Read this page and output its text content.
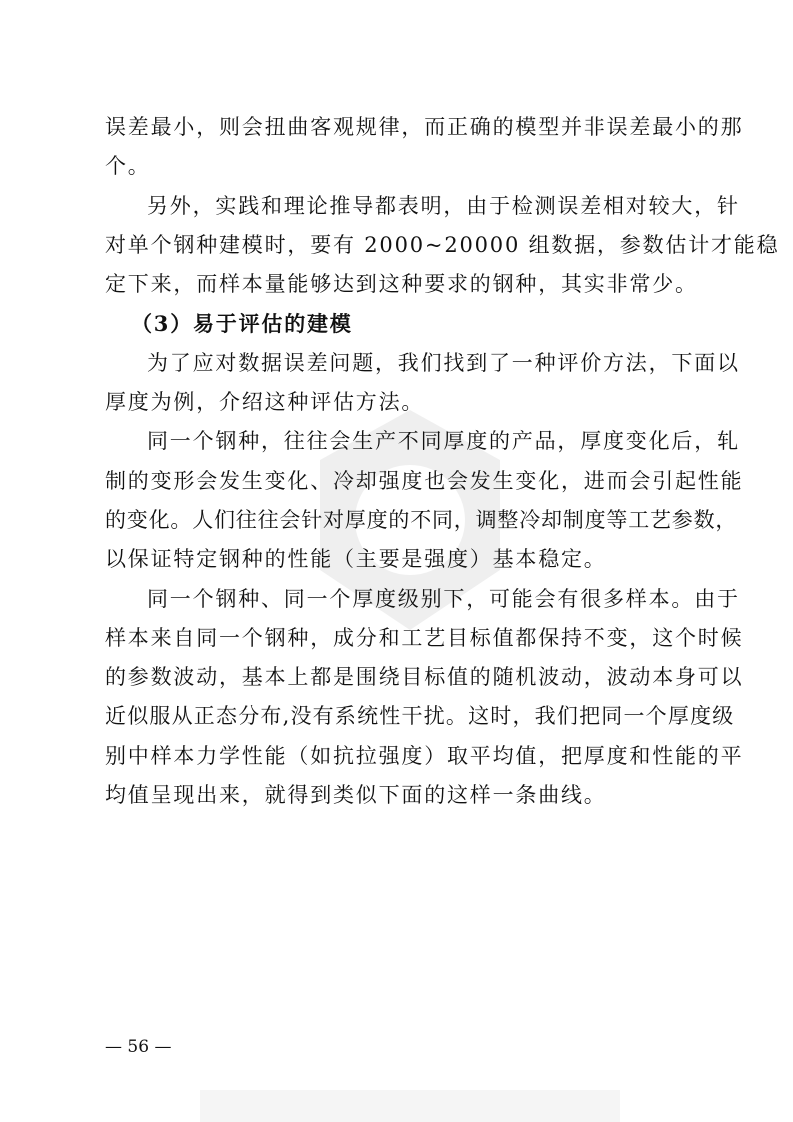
误差最小，则会扭曲客观规律，而正确的模型并非误差最小的那
个。
另外，实践和理论推导都表明，由于检测误差相对较大，针
对单个钢种建模时，要有 2000~20000 组数据，参数估计才能稳
定下来，而样本量能够达到这种要求的钢种，其实非常少。
（3）易于评估的建模
为了应对数据误差问题，我们找到了一种评价方法，下面以
厚度为例，介绍这种评估方法。
同一个钢种，往往会生产不同厚度的产品，厚度变化后，轧
制的变形会发生变化、冷却强度也会发生变化，进而会引起性能
的变化。人们往往会针对厚度的不同，调整冷却制度等工艺参数，
以保证特定钢种的性能（主要是强度）基本稳定。
同一个钢种、同一个厚度级别下，可能会有很多样本。由于
样本来自同一个钢种，成分和工艺目标值都保持不变，这个时候
的参数波动，基本上都是围绕目标值的随机波动，波动本身可以
近似服从正态分布,没有系统性干扰。这时，我们把同一个厚度级
别中样本力学性能（如抗拉强度）取平均值，把厚度和性能的平
均值呈现出来，就得到类似下面的这样一条曲线。
— 56 —
